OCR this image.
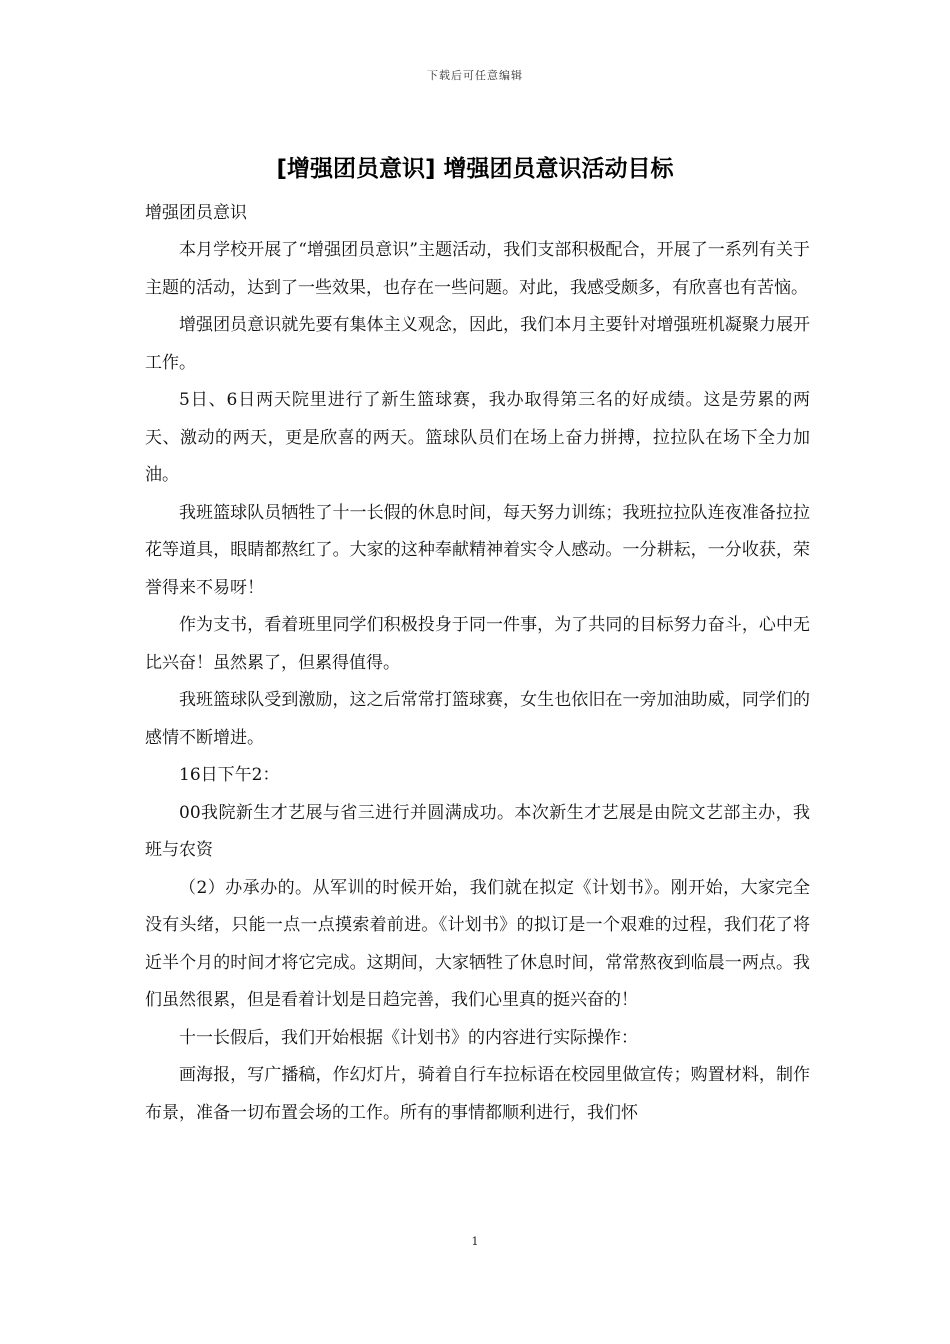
下载后可任意编辑
[增强团员意识] 增强团员意识活动目标

增强团员意识

本月学校开展了“增强团员意识”主题活动，我们支部积极配合，开展了一系列有关于主题的活动，达到了一些效果，也存在一些问题。对此，我感受颇多，有欣喜也有苦恼。

增强团员意识就先要有集体主义观念，因此，我们本月主要针对增强班机凝聚力展开工作。

5日、6日两天院里进行了新生篮球赛，我办取得第三名的好成绩。这是劳累的两天、激动的两天，更是欣喜的两天。篮球队员们在场上奋力拼搏，拉拉队在场下全力加油。

我班篮球队员牺牲了十一长假的休息时间，每天努力训练；我班拉拉队连夜准备拉拉花等道具，眼睛都熬红了。大家的这种奉献精神着实令人感动。一分耕耘，一分收获，荣誉得来不易呀！

作为支书，看着班里同学们积极投身于同一件事，为了共同的目标努力奋斗，心中无比兴奋！虽然累了，但累得值得。

我班篮球队受到激励，这之后常常打篮球赛，女生也依旧在一旁加油助威，同学们的感情不断增进。

16日下午2：

00我院新生才艺展与省三进行并圆满成功。本次新生才艺展是由院文艺部主办，我班与农资

（2）办承办的。从军训的时候开始，我们就在拟定《计划书》。刚开始，大家完全没有头绪，只能一点一点摸索着前进。《计划书》的拟订是一个艰难的过程，我们花了将近半个月的时间才将它完成。这期间，大家牺牲了休息时间，常常熬夜到临晨一两点。我们虽然很累，但是看着计划是日趋完善，我们心里真的挺兴奋的！

十一长假后，我们开始根据《计划书》的内容进行实际操作：

画海报，写广播稿，作幻灯片，骑着自行车拉标语在校园里做宣传；购置材料，制作布景，准备一切布置会场的工作。所有的事情都顺利进行，我们怀

1
